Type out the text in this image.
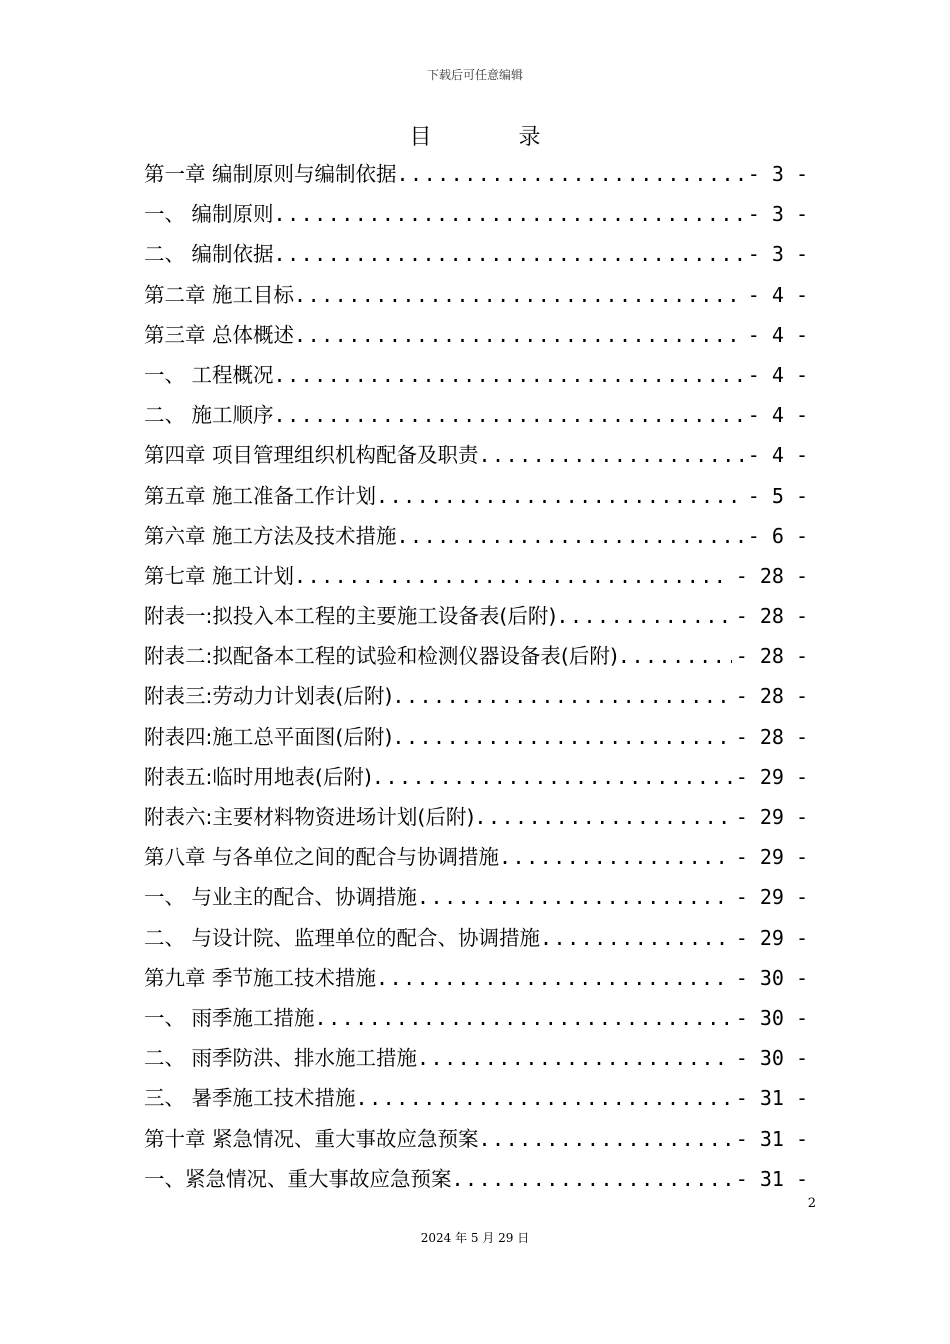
下载后可任意编辑
目 录
第一章 编制原则与编制依据 .....	- 3 -
一、 编制原则 .....	- 3 -
二、 编制依据 .....	- 3 -
第二章 施工目标 .....	- 4 -
第三章 总体概述 .....	- 4 -
一、 工程概况 .....	- 4 -
二、 施工顺序 .....	- 4 -
第四章 项目管理组织机构配备及职责 .....	- 4 -
第五章 施工准备工作计划 .....	- 5 -
第六章 施工方法及技术措施 .....	- 6 -
第七章 施工计划 .....	- 28 -
附表一:拟投入本工程的主要施工设备表(后附) .....	- 28 -
附表二:拟配备本工程的试验和检测仪器设备表(后附) .....	- 28 -
附表三:劳动力计划表(后附) .....	- 28 -
附表四:施工总平面图(后附) .....	- 28 -
附表五:临时用地表(后附) .....	- 29 -
附表六:主要材料物资进场计划(后附) .....	- 29 -
第八章 与各单位之间的配合与协调措施 .....	- 29 -
一、 与业主的配合、协调措施 .....	- 29 -
二、 与设计院、监理单位的配合、协调措施 .....	- 29 -
第九章 季节施工技术措施 .....	- 30 -
一、 雨季施工措施 .....	- 30 -
二、 雨季防洪、排水施工措施 .....	- 30 -
三、 暑季施工技术措施 .....	- 31 -
第十章 紧急情况、重大事故应急预案 .....	- 31 -
一、紧急情况、重大事故应急预案 .....	- 31 -
2
2024 年 5 月 29 日
